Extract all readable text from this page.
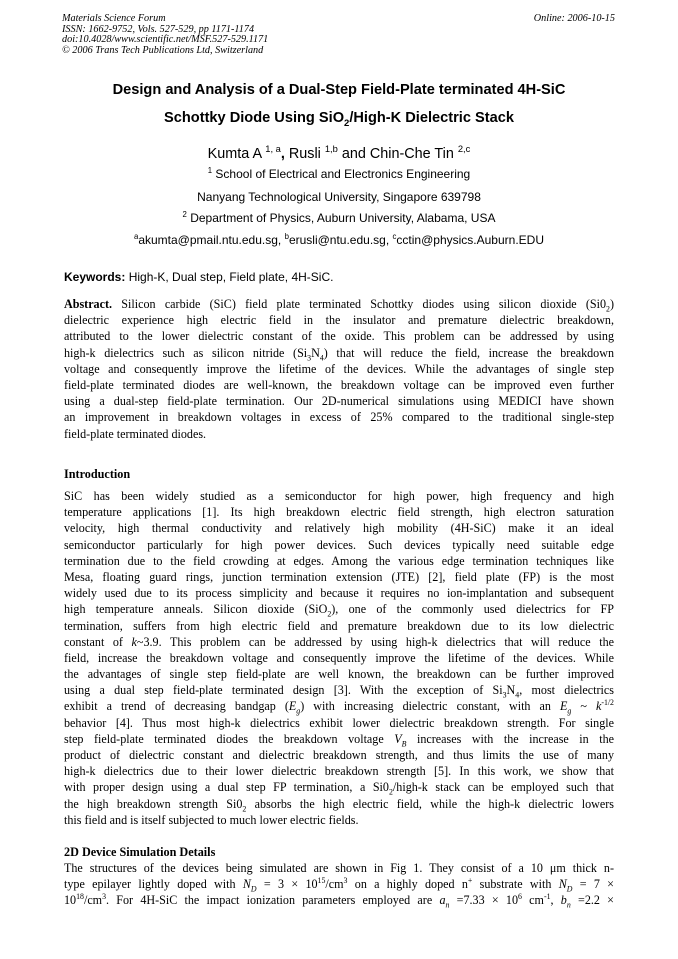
Materials Science Forum
ISSN: 1662-9752, Vols. 527-529, pp 1171-1174
doi:10.4028/www.scientific.net/MSF.527-529.1171
© 2006 Trans Tech Publications Ltd, Switzerland
Online: 2006-10-15
Design and Analysis of a Dual-Step Field-Plate terminated 4H-SiC
Schottky Diode Using SiO$_2$/High-K Dielectric Stack
Kumta A $^{1, a}$, Rusli $^{1,b}$ and Chin-Che Tin $^{2,c}$
$^1$ School of Electrical and Electronics Engineering
Nanyang Technological University, Singapore 639798
$^2$ Department of Physics, Auburn University, Alabama, USA
$^a$akumta@pmail.ntu.edu.sg, $^b$erusli@ntu.edu.sg, $^c$cctin@physics.Auburn.EDU
Keywords: High-K, Dual step, Field plate, 4H-SiC.
Abstract. Silicon carbide (SiC) field plate terminated Schottky diodes using silicon dioxide $(Si0_2)$
dielectric experience high electric field in the insulator and premature dielectric breakdown,
attributed to the lower dielectric constant of the oxide. This problem can be addressed by using
high-k dielectrics such as silicon nitride $(Si_3N_4)$ that will reduce the field, increase the breakdown
voltage and consequently improve the lifetime of the devices. While the advantages of single step
field-plate terminated diodes are well-known, the breakdown voltage can be improved even further
using a dual-step field-plate termination. Our 2D-numerical simulations using MEDICI have shown
an improvement in breakdown voltages in excess of 25% compared to the traditional single-step
field-plate terminated diodes.
Introduction
SiC has been widely studied as a semiconductor for high power, high frequency and high
temperature applications [1]. Its high breakdown electric field strength, high electron saturation
velocity, high thermal conductivity and relatively high mobility (4H-SiC) make it an ideal
semiconductor particularly for high power devices. Such devices typically need suitable edge
termination due to the field crowding at edges. Among the various edge termination techniques like
Mesa, floating guard rings, junction termination extension (JTE) [2], field plate (FP) is the most
widely used due to its process simplicity and because it requires no ion-implantation and subsequent
high temperature anneals. Silicon dioxide (SiO$_2$), one of the commonly used dielectrics for FP
termination, suffers from high electric field and premature breakdown due to its low dielectric
constant of k~3.9. This problem can be addressed by using high-k dielectrics that will reduce the
field, increase the breakdown voltage and consequently improve the lifetime of the devices. While
the advantages of single step field-plate are well known, the breakdown can be further improved
using a dual step field-plate terminated design [3]. With the exception of $Si_3N_4$, most dielectrics
exhibit a trend of decreasing bandgap $(E_g)$ with increasing dielectric constant, with an $E_g$ ~ $k^{-1/2}$
behavior [4]. Thus most high-k dielectrics exhibit lower dielectric breakdown strength. For single
step field-plate terminated diodes the breakdown voltage $V_B$ increases with the increase in the
product of dielectric constant and dielectric breakdown strength, and thus limits the use of many
high-k dielectrics due to their lower dielectric breakdown strength [5]. In this work, we show that
with proper design using a dual step FP termination, a $Si0_2/high-k$ stack can be employed such that
the high breakdown strength $Si0_2$ absorbs the high electric field, while the high-k dielectric lowers
this field and is itself subjected to much lower electric fields.
2D Device Simulation Details
The structures of the devices being simulated are shown in Fig 1. They consist of a 10 μm thick n-
type epilayer lightly doped with $N_D = 3 \times 10^{15}/cm^3$ on a highly doped n+ substrate with $N_D = 7$ ×
$10^{18}/cm^3$. For 4H-SiC the impact ionization parameters employed are $a_n =7.33 \times 10^6$ $cm^{-1}$, $b_n =2.2$ ×
